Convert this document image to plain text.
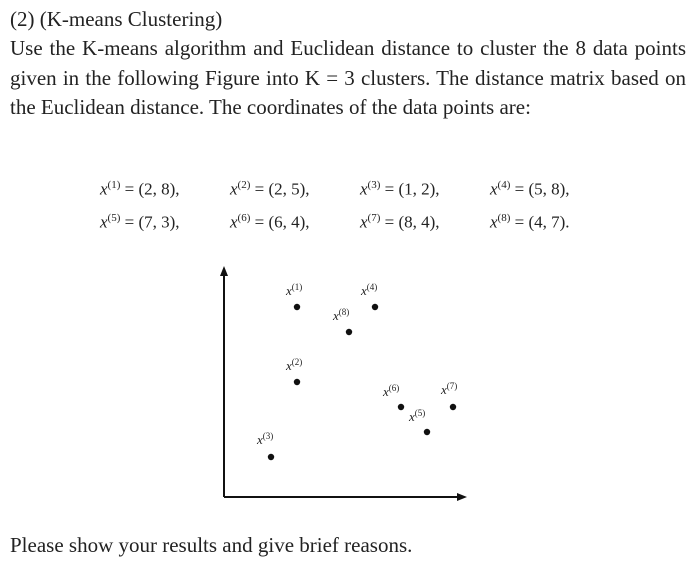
(2) (K-means Clustering)

Use the K-means algorithm and Euclidean distance to cluster the 8 data points given in the following Figure into K = 3 clusters. The distance matrix based on the Euclidean distance. The coordinates of the data points are:

$x^{(1)} = (2$, 8),	$x^{(2)} = (2$, 5),	$x^{(3)} = (1$, 2),	$x^{(4)} = (5$, 8),
$x^{(5)} = (7$, 3),	$x^{(6)} = (6$, 4),	$x^{(7)} = (8$, 4),	$x^{(8)} = (4$, 7).
$x^{(1)}$
$x^{(2)}$
$x^{(3)}$
$x^{(4)}$
$x^{(5)}$
$x^{(6)}$	$x^{(7)}$
$x^{(8)}$

Please show your results and give brief reasons.
